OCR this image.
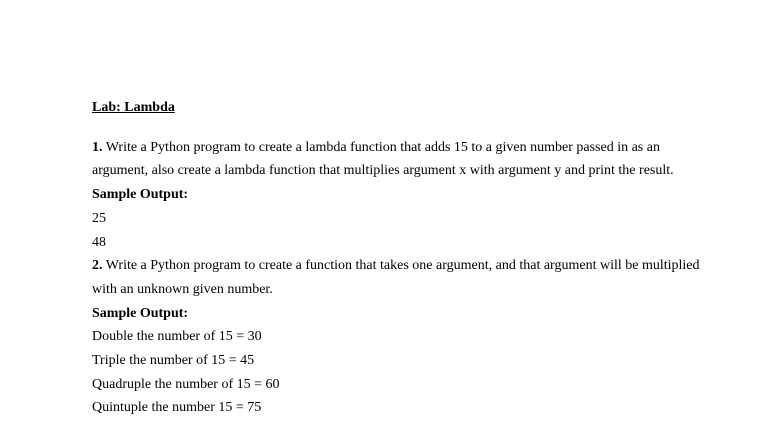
Lab: Lambda

1. Write a Python program to create a lambda function that adds 15 to a given number passed in as an argument, also create a lambda function that multiplies argument x with argument y and print the result.

Sample Output:

25

48

2. Write a Python program to create a function that takes one argument, and that argument will be multiplied with an unknown given number.

Sample Output:

Double the number of 15 = 30

Triple the number of 15 = 45

Quadruple the number of 15 = 60

Quintuple the number 15 = 75
